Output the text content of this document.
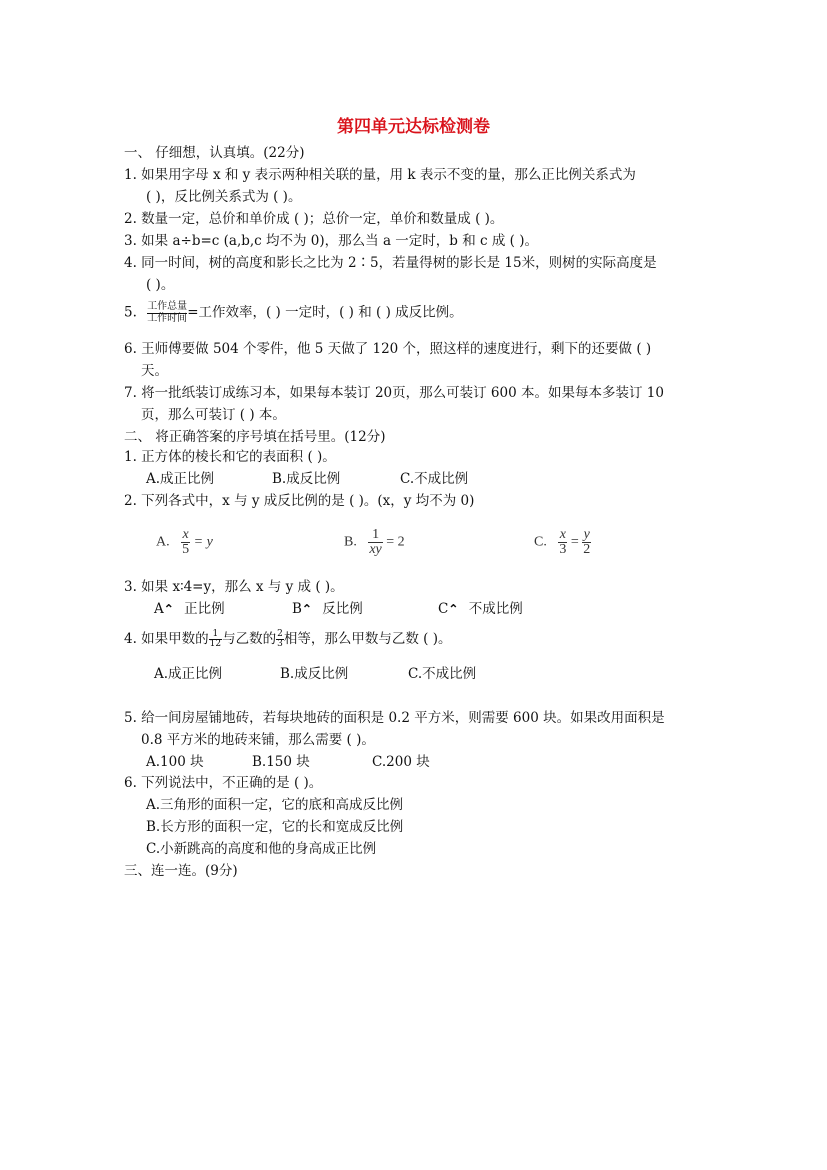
第四单元达标检测卷
一、 仔细想，认真填。(22分)
1. 如果用字母 x 和 y 表示两种相关联的量，用 k 表示不变的量，那么正比例关系式为
( )，反比例关系式为 ( )。
2. 数量一定，总价和单价成 ( )；总价一定，单价和数量成 ( )。
3. 如果 a÷b=c (a,b,c 均不为 0)，那么当 a 一定时，b 和 c 成 ( )。
4. 同一时间，树的高度和影长之比为 2∶5，若量得树的影长是 15米，则树的实际高度是
( )。
5. $\frac{\text{工作总量}}{\text{工作时间}}$ =工作效率，( ) 一定时，( ) 和 ( ) 成反比例。
6. 王师傅要做 504 个零件，他 5 天做了 120 个，照这样的速度进行，剩下的还要做 ( )
天。
7. 将一批纸装订成练习本，如果每本装订 20页，那么可装订 600 本。如果每本多装订 10
页，那么可装订 ( ) 本。
二、 将正确答案的序号填在括号里。(12分)
1. 正方体的棱长和它的表面积 ( )。
A.成正比例	B.成反比例	C.不成比例
2. 下列各式中，x 与 y 成反比例的是 ( )。(x，y 均不为 0)
A. $\frac{x}{5} = y$	B. $\frac{1}{xy} = 2$	C. $\frac{x}{3} = \frac{y}{2}$
3. 如果 x∶4=y，那么 x 与 y 成 ( )。
A⌃ 正比例	B⌃ 反比例	C⌃ 不成比例
4. 如果甲数的 $\frac{1}{12}$ 与乙数的 $\frac{2}{3}$ 相等，那么甲数与乙数 ( )。
A.成正比例	B.成反比例	C.不成比例
5. 给一间房屋铺地砖，若每块地砖的面积是 0.2 平方米，则需要 600 块。如果改用面积是
0.8 平方米的地砖来铺，那么需要 ( )。
A.100 块	B.150 块	C.200 块
6. 下列说法中，不正确的是 ( )。
A.三角形的面积一定，它的底和高成反比例
B.长方形的面积一定，它的长和宽成反比例
C.小新跳高的高度和他的身高成正比例
三、连一连。(9分)
